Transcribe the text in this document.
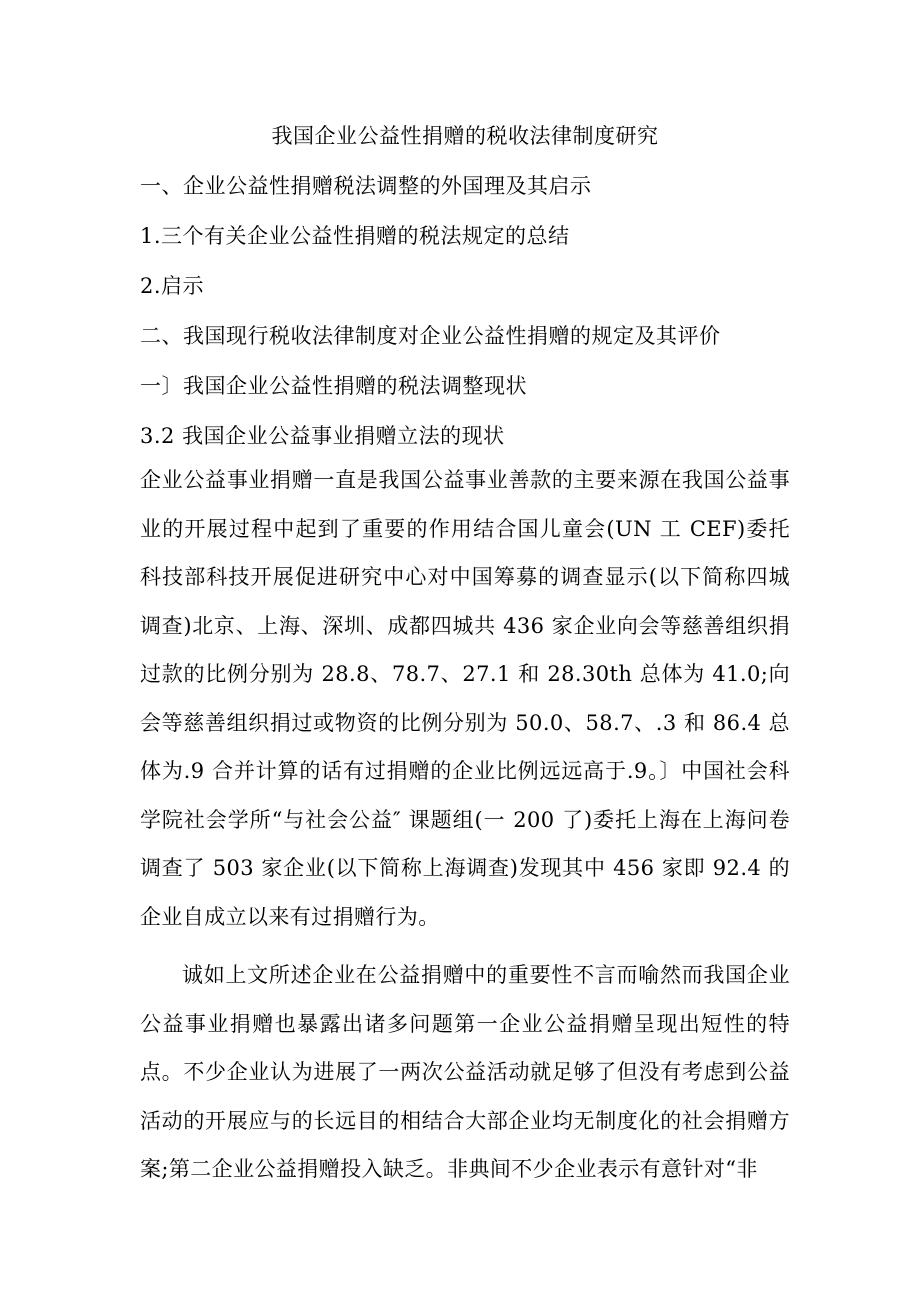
我国企业公益性捐赠的税收法律制度研究
一、企业公益性捐赠税法调整的外国理及其启示
1.三个有关企业公益性捐赠的税法规定的总结
2.启示
二、我国现行税收法律制度对企业公益性捐赠的规定及其评价
一〕我国企业公益性捐赠的税法调整现状
3.2 我国企业公益事业捐赠立法的现状

企业公益事业捐赠一直是我国公益事业善款的主要来源在我国公益事业的开展过程中起到了重要的作用结合国儿童会(UN 工 CEF)委托科技部科技开展促进研究中心对中国筹募的调查显示(以下简称四城调查)北京、上海、深圳、成都四城共 436 家企业向会等慈善组织捐过款的比例分别为 28.8、78.7、27.1 和 28.30th 总体为 41.0;向会等慈善组织捐过或物资的比例分别为 50.0、58.7、.3 和 86.4 总体为.9 合并计算的话有过捐赠的企业比例远远高于.9。〕中国社会科学院社会学所“与社会公益″ 课题组(一 200 了)委托上海在上海问卷调查了 503 家企业(以下简称上海调查)发现其中 456 家即 92.4 的企业自成立以来有过捐赠行为。

诚如上文所述企业在公益捐赠中的重要性不言而喻然而我国企业公益事业捐赠也暴露出诸多问题第一企业公益捐赠呈现出短性的特点。不少企业认为进展了一两次公益活动就足够了但没有考虑到公益活动的开展应与的长远目的相结合大部企业均无制度化的社会捐赠方案;第二企业公益捐赠投入缺乏。非典间不少企业表示有意针对“非
